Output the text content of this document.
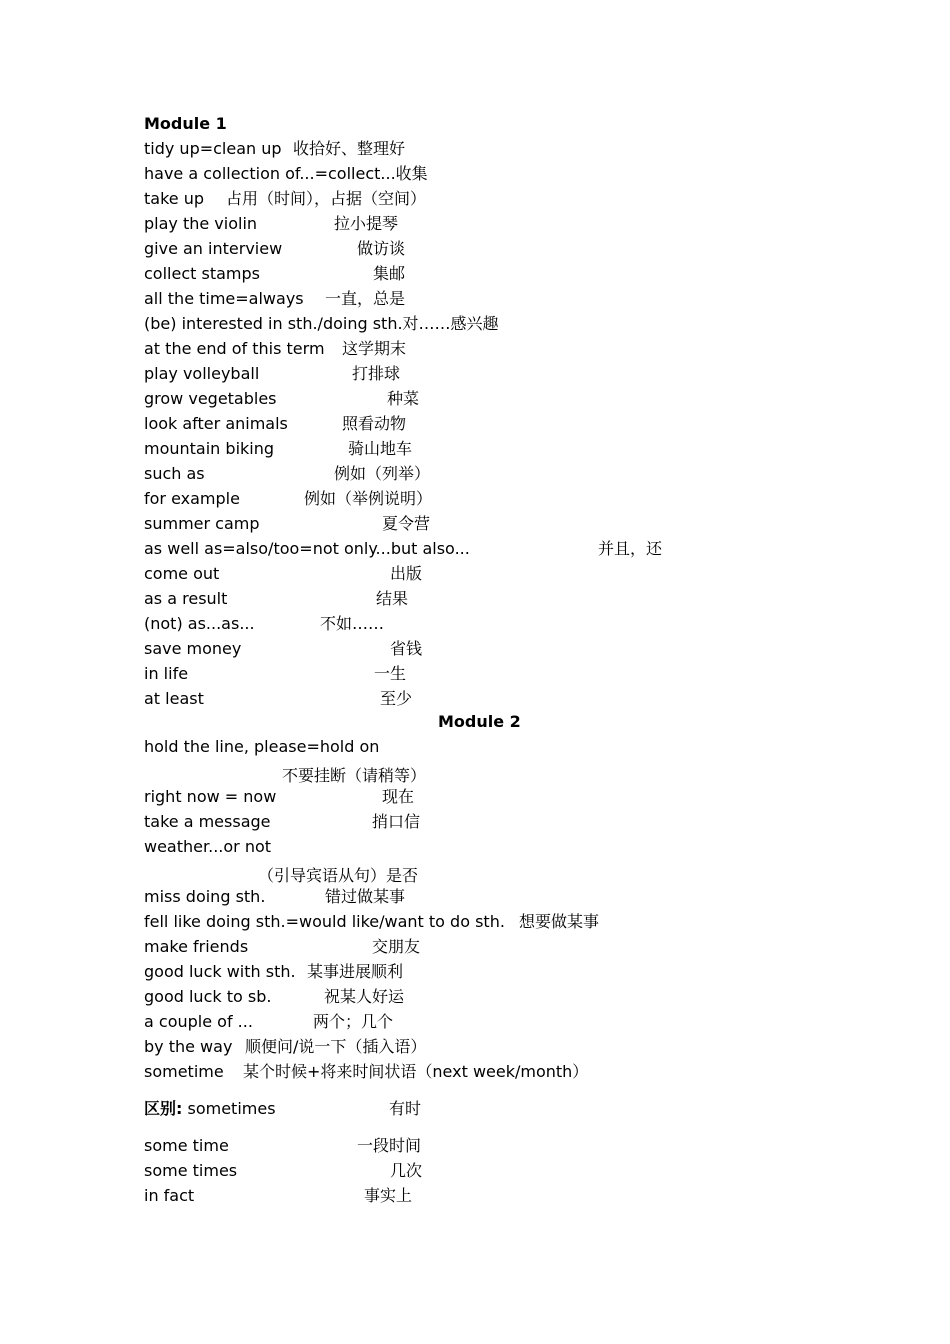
Module 1
tidy up=clean up 收拾好、整理好
have a collection of...=collect...收集
take up 占用（时间），占据（空间）
play the violin	拉小提琴
give an interview	做访谈
collect stamps	集邮
all the time=always 一直，总是
(be) interested in sth./doing sth.对……感兴趣
at the end of this term 这学期末
play volleyball	打排球
grow vegetables	种菜
look after animals	照看动物
mountain biking	骑山地车
such as	例如（列举）
for example	例如（举例说明）
summer camp	夏令营
as well as=also/too=not only...but also...	并且，还
come out	出版
as a result	结果
(not) as...as...	不如……
save money	省钱
in life	一生
at least	至少
Module 2
hold the line, please=hold on
不要挂断（请稍等）
right now = now	现在
take a message	捎口信
weather...or not
（引导宾语从句）是否
miss doing sth.	错过做某事
fell like doing sth.=would like/want to do sth. 想要做某事
make friends	交朋友
good luck with sth. 某事进展顺利
good luck to sb.	祝某人好运
a couple of ...	两个；几个
by the way 顺便问/说一下（插入语）
sometime 某个时候+将来时间状语（next week/month）
区别: sometimes	有时
some time	一段时间
some times	几次
in fact	事实上
